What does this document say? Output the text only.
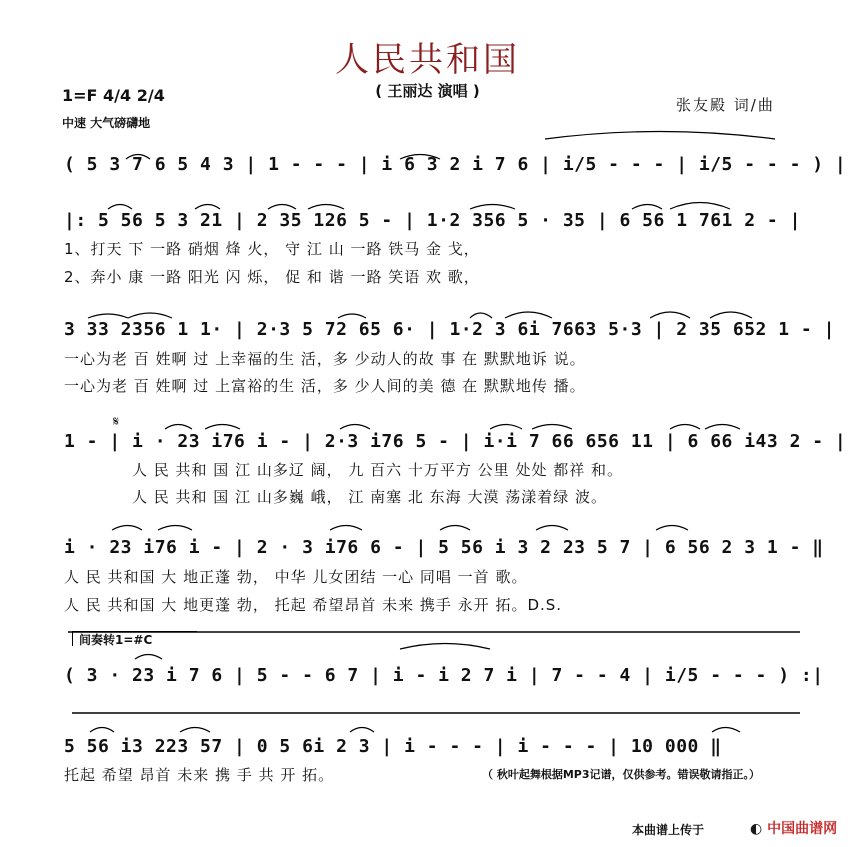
人民共和国
( 王丽达 演唱 )
1=F 4/4 2/4
中速 大气磅礴地
张友殿 词/曲
( 5 3 7 6 5 4 3 | 1 - - - | i 6 3 2 i 7 6 | i/5 - - - | i/5 - - - ) |
|: 5 56 5 3 21 | 2 35 126 5 - | 1·2 356 5 · 35 | 6 56 1 761 2 - |
1、打天 下 一路 硝烟 烽 火， 守 江 山 一路 铁马 金 戈，
2、奔小 康 一路 阳光 闪 烁， 促 和 谐 一路 笑语 欢 歌，
3 33 2356 1 1· | 2·3 5 72 65 6· | 1·2 3 6i 7663 5·3 | 2 35 652 1 - |
一心为老 百 姓啊 过 上幸福的生 活，多 少动人的故 事 在 默默地诉 说。
一心为老 百 姓啊 过 上富裕的生 活，多 少人间的美 德 在 默默地传 播。
𝄋
1 - | i · 23 i76 i - | 2·3 i76 5 - | i·i 7 66 656 11 | 6 66 i43 2 - |
人 民 共和 国 江 山多辽 阔， 九 百六 十万平方 公里 处处 都祥 和。
人 民 共和 国 江 山多巍 峨， 江 南塞 北 东海 大漠 荡漾着绿 波。
i · 23 i76 i - | 2 · 3 i76 6 - | 5 56 i 3 2 23 5 7 | 6 56 2 3 1 - ‖
人 民 共和国 大 地正蓬 勃， 中华 儿女团结 一心 同唱 一首 歌。
人 民 共和国 大 地更蓬 勃， 托起 希望昂首 未来 携手 永开 拓。D.S.
间奏转1=#C
( 3 · 23 i 7 6 | 5 - - 6 7 | i - i 2 7 i | 7 - - 4 | i/5 - - - ) :|
5 56 i3 223 57 | 0 5 6i 2 3 | i - - - | i - - - | 10 000 ‖
托起 希望 昂首 未来 携 手 共 开 拓。	（ 秋叶起舞根据MP3记谱，仅供参考。错误敬请指正。）
本曲谱上传于	◐ 中国曲谱网
